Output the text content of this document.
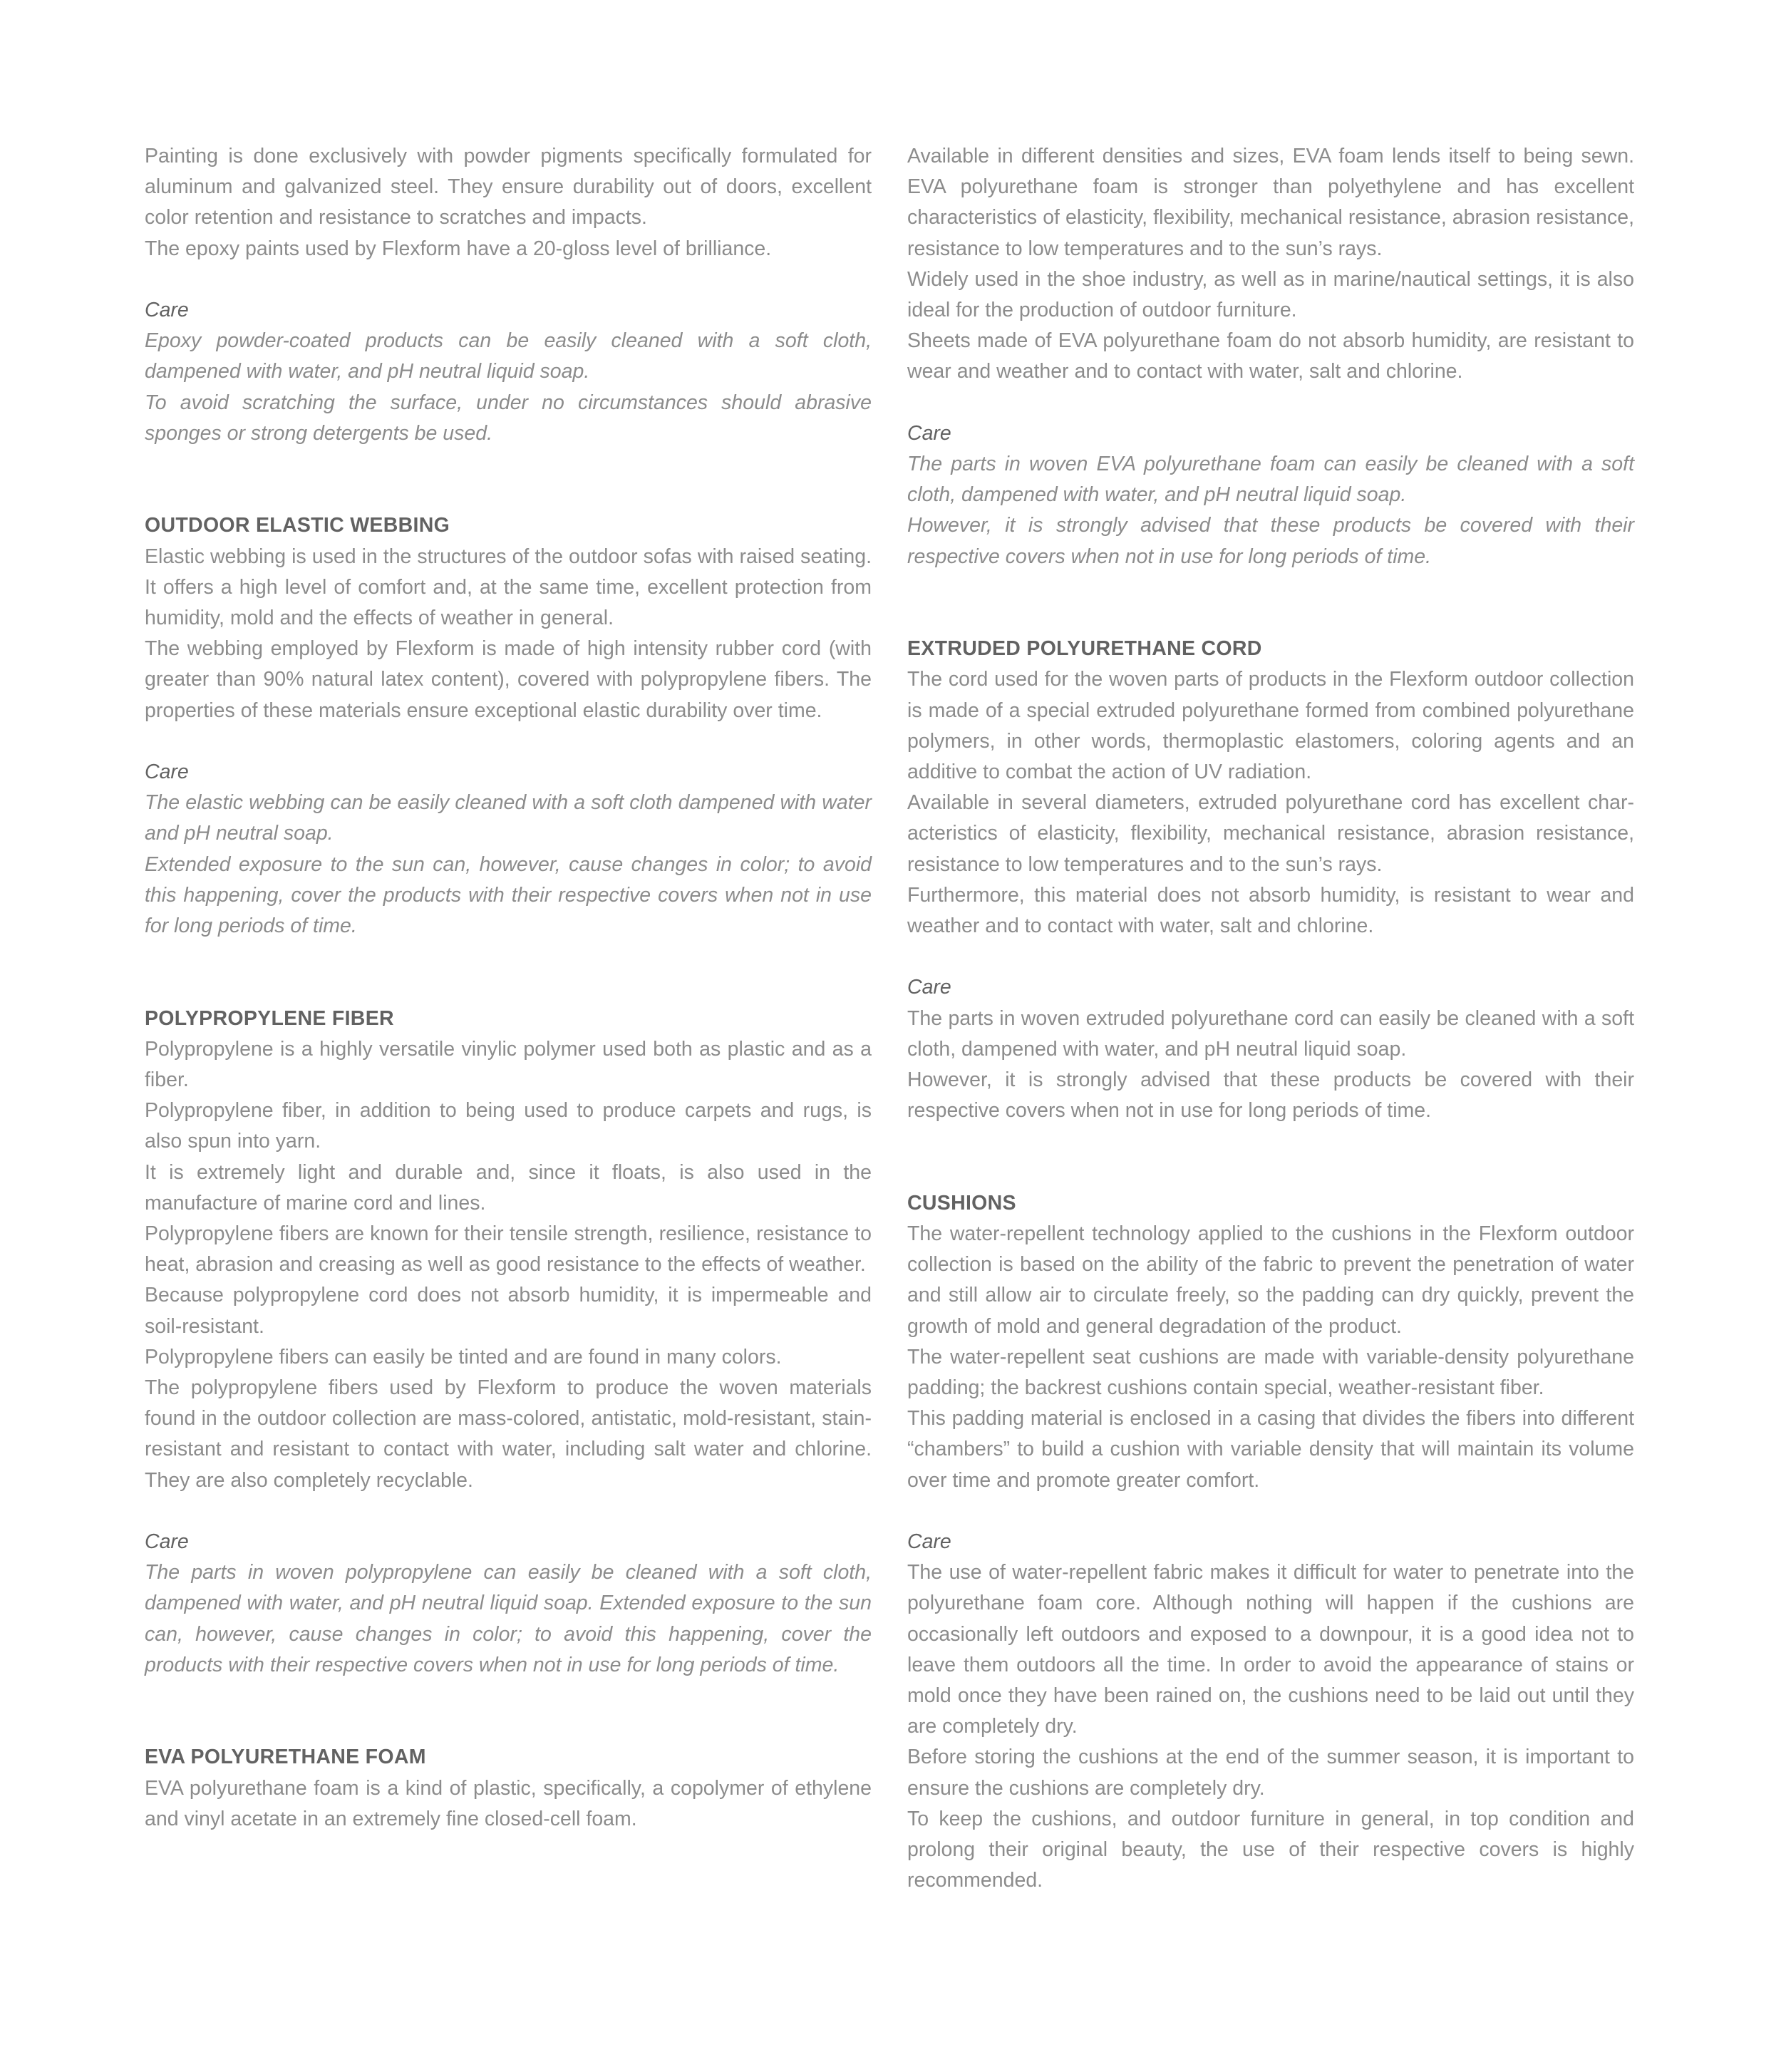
Painting is done exclusively with powder pigments specifically formulated for aluminum and galvanized steel. They ensure durability out of doors, excellent color retention and resistance to scratches and impacts.

The epoxy paints used by Flexform have a 20-gloss level of brilliance.

Care

Epoxy powder-coated products can be easily cleaned with a soft cloth, dampened with water, and pH neutral liquid soap.

To avoid scratching the surface, under no circumstances should abrasive sponges or strong detergents be used.

OUTDOOR ELASTIC WEBBING

Elastic webbing is used in the structures of the outdoor sofas with raised seating. It offers a high level of comfort and, at the same time, excellent protection from humidity, mold and the effects of weather in general.

The webbing employed by Flexform is made of high intensity rubber cord (with greater than 90% natural latex content), covered with polypropylene fibers. The properties of these materials ensure exceptional elastic durability over time.

Care

The elastic webbing can be easily cleaned with a soft cloth dampened with water and pH neutral soap.

Extended exposure to the sun can, however, cause changes in color; to avoid this happening, cover the products with their respective covers when not in use for long periods of time.

POLYPROPYLENE FIBER

Polypropylene is a highly versatile vinylic polymer used both as plastic and as a fiber.

Polypropylene fiber, in addition to being used to produce carpets and rugs, is also spun into yarn.

It is extremely light and durable and, since it floats, is also used in the manufacture of marine cord and lines.

Polypropylene fibers are known for their tensile strength, resilience, resistance to heat, abrasion and creasing as well as good resistance to the effects of weather.

Because polypropylene cord does not absorb humidity, it is impermeable and soil-resistant.

Polypropylene fibers can easily be tinted and are found in many colors.

The polypropylene fibers used by Flexform to produce the woven materials found in the outdoor collection are mass-colored, antistatic, mold-resistant, stain-resistant and resistant to contact with water, including salt water and chlorine. They are also completely recyclable.

Care

The parts in woven polypropylene can easily be cleaned with a soft cloth, dampened with water, and pH neutral liquid soap. Extended exposure to the sun can, however, cause changes in color; to avoid this happening, cover the products with their respective covers when not in use for long periods of time.

EVA POLYURETHANE FOAM

EVA polyurethane foam is a kind of plastic, specifically, a copolymer of ethylene and vinyl acetate in an extremely fine closed-cell foam.

Available in different densities and sizes, EVA foam lends itself to being sewn. EVA polyurethane foam is stronger than polyethylene and has excellent characteristics of elasticity, flexibility, mechanical resistance, abrasion resistance, resistance to low temperatures and to the sun’s rays.

Widely used in the shoe industry, as well as in marine/nautical settings, it is also ideal for the production of outdoor furniture.

Sheets made of EVA polyurethane foam do not absorb humidity, are resistant to wear and weather and to contact with water, salt and chlorine.

Care

The parts in woven EVA polyurethane foam can easily be cleaned with a soft cloth, dampened with water, and pH neutral liquid soap.

However, it is strongly advised that these products be covered with their respective covers when not in use for long periods of time.

EXTRUDED POLYURETHANE CORD

The cord used for the woven parts of products in the Flexform outdoor collection is made of a special extruded polyurethane formed from combined polyurethane polymers, in other words, thermoplastic elastomers, coloring agents and an additive to combat the action of UV radiation.

Available in several diameters, extruded polyurethane cord has excellent char-acteristics of elasticity, flexibility, mechanical resistance, abrasion resistance, resistance to low temperatures and to the sun’s rays.

Furthermore, this material does not absorb humidity, is resistant to wear and weather and to contact with water, salt and chlorine.

Care

The parts in woven extruded polyurethane cord can easily be cleaned with a soft cloth, dampened with water, and pH neutral liquid soap.

However, it is strongly advised that these products be covered with their respective covers when not in use for long periods of time.

CUSHIONS

The water-repellent technology applied to the cushions in the Flexform outdoor collection is based on the ability of the fabric to prevent the penetration of water and still allow air to circulate freely, so the padding can dry quickly, prevent the growth of mold and general degradation of the product.

The water-repellent seat cushions are made with variable-density polyurethane padding; the backrest cushions contain special, weather-resistant fiber.

This padding material is enclosed in a casing that divides the fibers into different “chambers” to build a cushion with variable density that will maintain its volume over time and promote greater comfort.

Care

The use of water-repellent fabric makes it difficult for water to penetrate into the polyurethane foam core. Although nothing will happen if the cushions are occasionally left outdoors and exposed to a downpour, it is a good idea not to leave them outdoors all the time. In order to avoid the appearance of stains or mold once they have been rained on, the cushions need to be laid out until they are completely dry.

Before storing the cushions at the end of the summer season, it is important to ensure the cushions are completely dry.

To keep the cushions, and outdoor furniture in general, in top condition and prolong their original beauty, the use of their respective covers is highly recommended.
